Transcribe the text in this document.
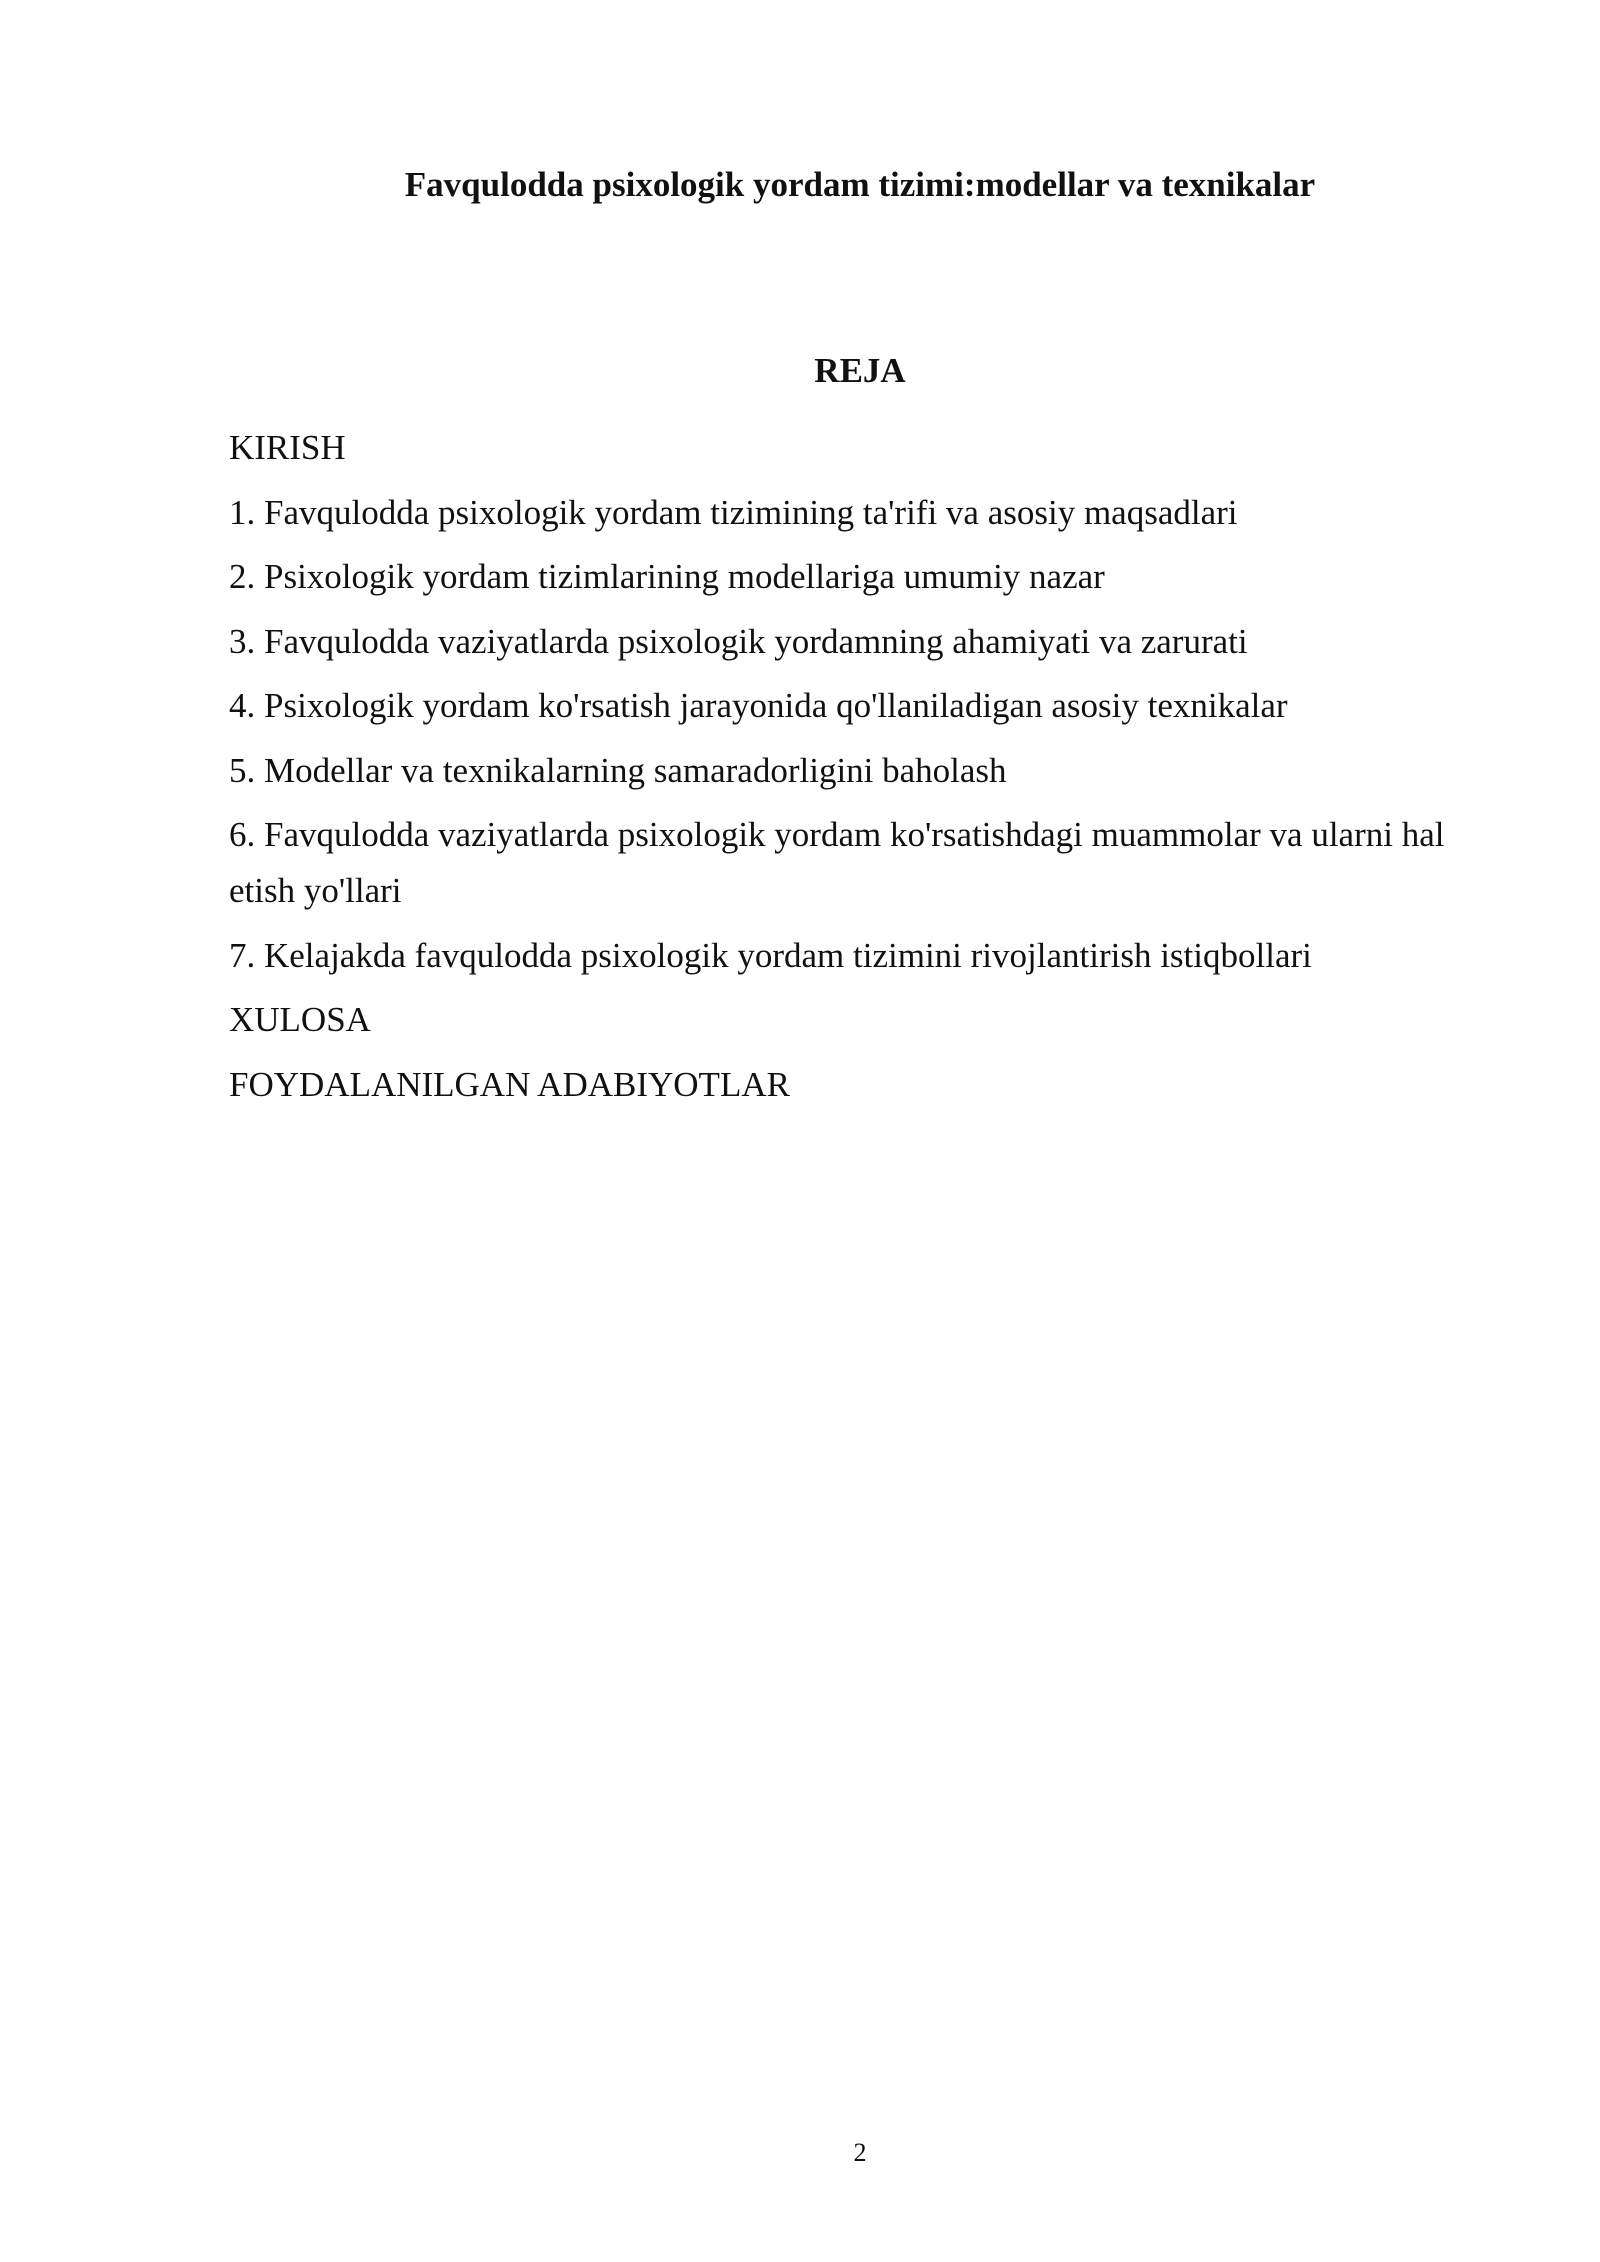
Favqulodda psixologik yordam tizimi:modellar va texnikalar
REJA
KIRISH
1. Favqulodda psixologik yordam tizimining ta'rifi va asosiy maqsadlari
2. Psixologik yordam tizimlarining modellariga umumiy nazar
3. Favqulodda vaziyatlarda psixologik yordamning ahamiyati va zarurati
4. Psixologik yordam ko'rsatish jarayonida qo'llaniladigan asosiy texnikalar
5. Modellar va texnikalarning samaradorligini baholash
6. Favqulodda vaziyatlarda psixologik yordam ko'rsatishdagi muammolar va ularni hal etish yo'llari
7. Kelajakda favqulodda psixologik yordam tizimini rivojlantirish istiqbollari
XULOSA
FOYDALANILGAN ADABIYOTLAR
2
